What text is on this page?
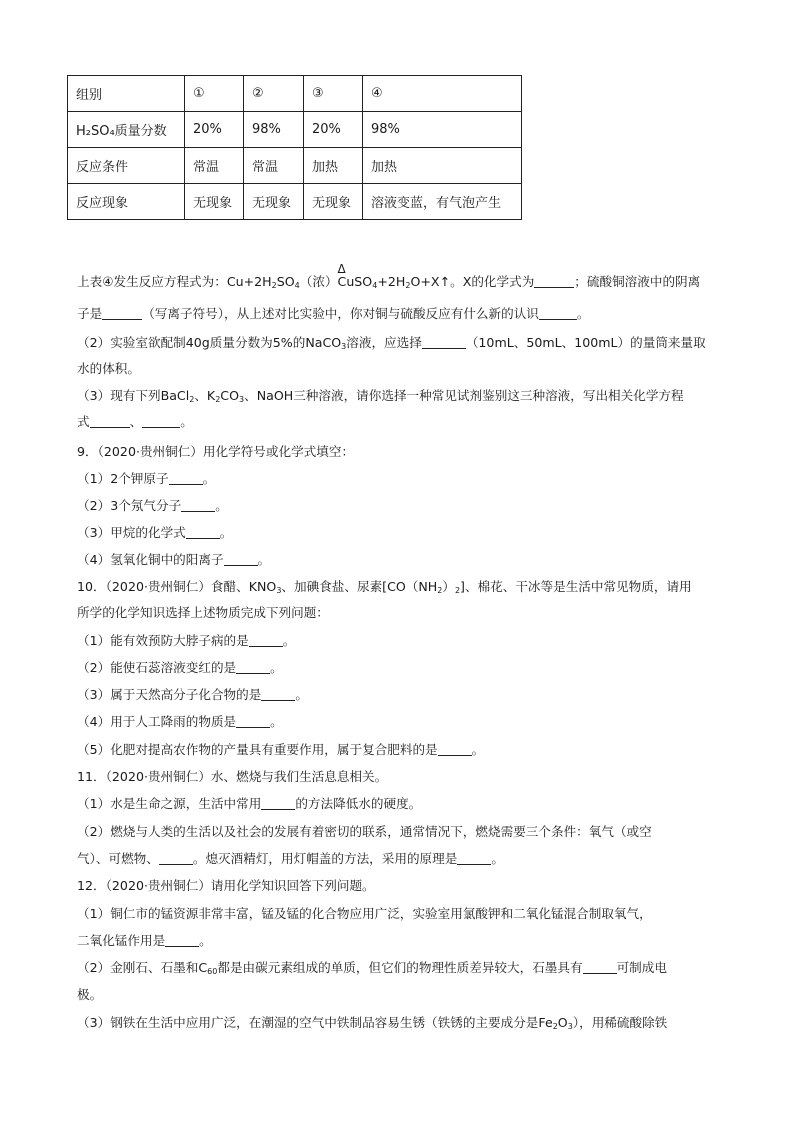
组别	①	②	③	④
H₂SO₄质量分数	20%	98%	20%	98%
反应条件	常温	常温	加热	加热
反应现象	无现象	无现象	无现象	溶液变蓝，有气泡产生
上表④发生反应方程式为：$Cu+2H_2SO_4$（浓）
Δ
$CuSO_4+2H_2O+X↑$。X的化学式为	；硫酸铜溶液中的阴离
子是	（写离子符号），从上述对比实验中，你对铜与硫酸反应有什么新的认识	。
（2）实验室欲配制40g质量分数为5%的NaCO$_3$溶液，应选择	（10mL、50mL、100mL）的量筒来量取
水的体积。
（3）现有下列BaCl$_2$、$K_2CO_3$、NaOH三种溶液，请你选择一种常见试剂鉴别这三种溶液，写出相关化学方程
式	、	。
9．（2020·贵州铜仁）用化学符号或化学式填空：
（1）2个钾原子	。
（2）3个氖气分子	。
（3）甲烷的化学式	。
（4）氢氧化铜中的阳离子	。
10．（2020·贵州铜仁）食醋、$KNO_3$、加碘食盐、尿素$[CO(NH_2)_2]$、棉花、干冰等是生活中常见物质，请用
所学的化学知识选择上述物质完成下列问题：
（1）能有效预防大脖子病的是	。
（2）能使石蕊溶液变红的是	。
（3）属于天然高分子化合物的是	。
（4）用于人工降雨的物质是	。
（5）化肥对提高农作物的产量具有重要作用，属于复合肥料的是	。
11．（2020·贵州铜仁）水、燃烧与我们生活息息相关。
（1）水是生命之源，生活中常用	的方法降低水的硬度。
（2）燃烧与人类的生活以及社会的发展有着密切的联系，通常情况下，燃烧需要三个条件：氧气（或空
气）、可燃物、	。熄灭酒精灯，用灯帽盖的方法，采用的原理是	。
12．（2020·贵州铜仁）请用化学知识回答下列问题。
（1）铜仁市的锰资源非常丰富，锰及锰的化合物应用广泛，实验室用氯酸钾和二氧化锰混合制取氧气，
二氧化锰作用是	。
（2）金刚石、石墨和$C_{60}$都是由碳元素组成的单质，但它们的物理性质差异较大，石墨具有	可制成电
极。
（3）钢铁在生活中应用广泛，在潮湿的空气中铁制品容易生锈（铁锈的主要成分是$Fe_2O_3$），用稀硫酸除铁
